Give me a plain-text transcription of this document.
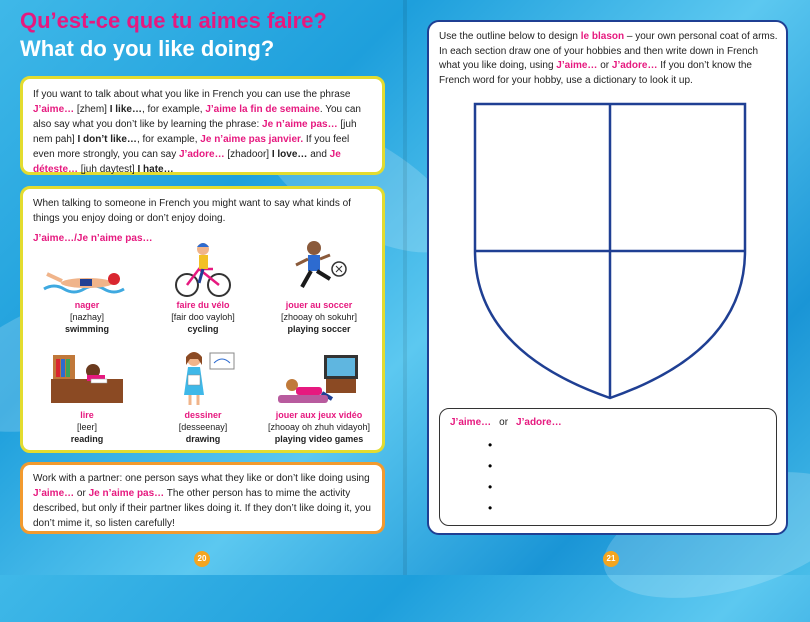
Qu’est-ce que tu aimes faire?
What do you like doing?
If you want to talk about what you like in French you can use the phrase J’aime… [zhem] I like…, for example, J’aime la fin de semaine. You can also say what you don’t like by learning the phrase: Je n’aime pas… [juh nem pah] I don’t like…, for example, Je n’aime pas janvier. If you feel even more strongly, you can say J’adore… [zhadoor] I love… and Je déteste… [juh daytest] I hate…
When talking to someone in French you might want to say what kinds of things you enjoy doing or don’t enjoy doing.
J’aime…/Je n’aime pas…
nager
[nazhay]
swimming
faire du vélo
[fair doo vayloh]
cycling
jouer au soccer
[zhooay oh sokuhr]
playing soccer
lire
[leer]
reading
dessiner
[desseenay]
drawing
jouer aux jeux vidéo
[zhooay oh zhuh vidayoh]
playing video games
Work with a partner: one person says what they like or don’t like doing using J’aime… or Je n’aime pas… The other person has to mime the activity described, but only if their partner likes doing it. If they don’t like doing it, you don’t mime it, so listen carefully!
20
Use the outline below to design le blason – your own personal coat of arms. In each section draw one of your hobbies and then write down in French what you like doing, using J’aime… or J’adore… If you don’t know the French word for your hobby, use a dictionary to look it up.
J’aime… or J’adore…
•
•
•
•
21
